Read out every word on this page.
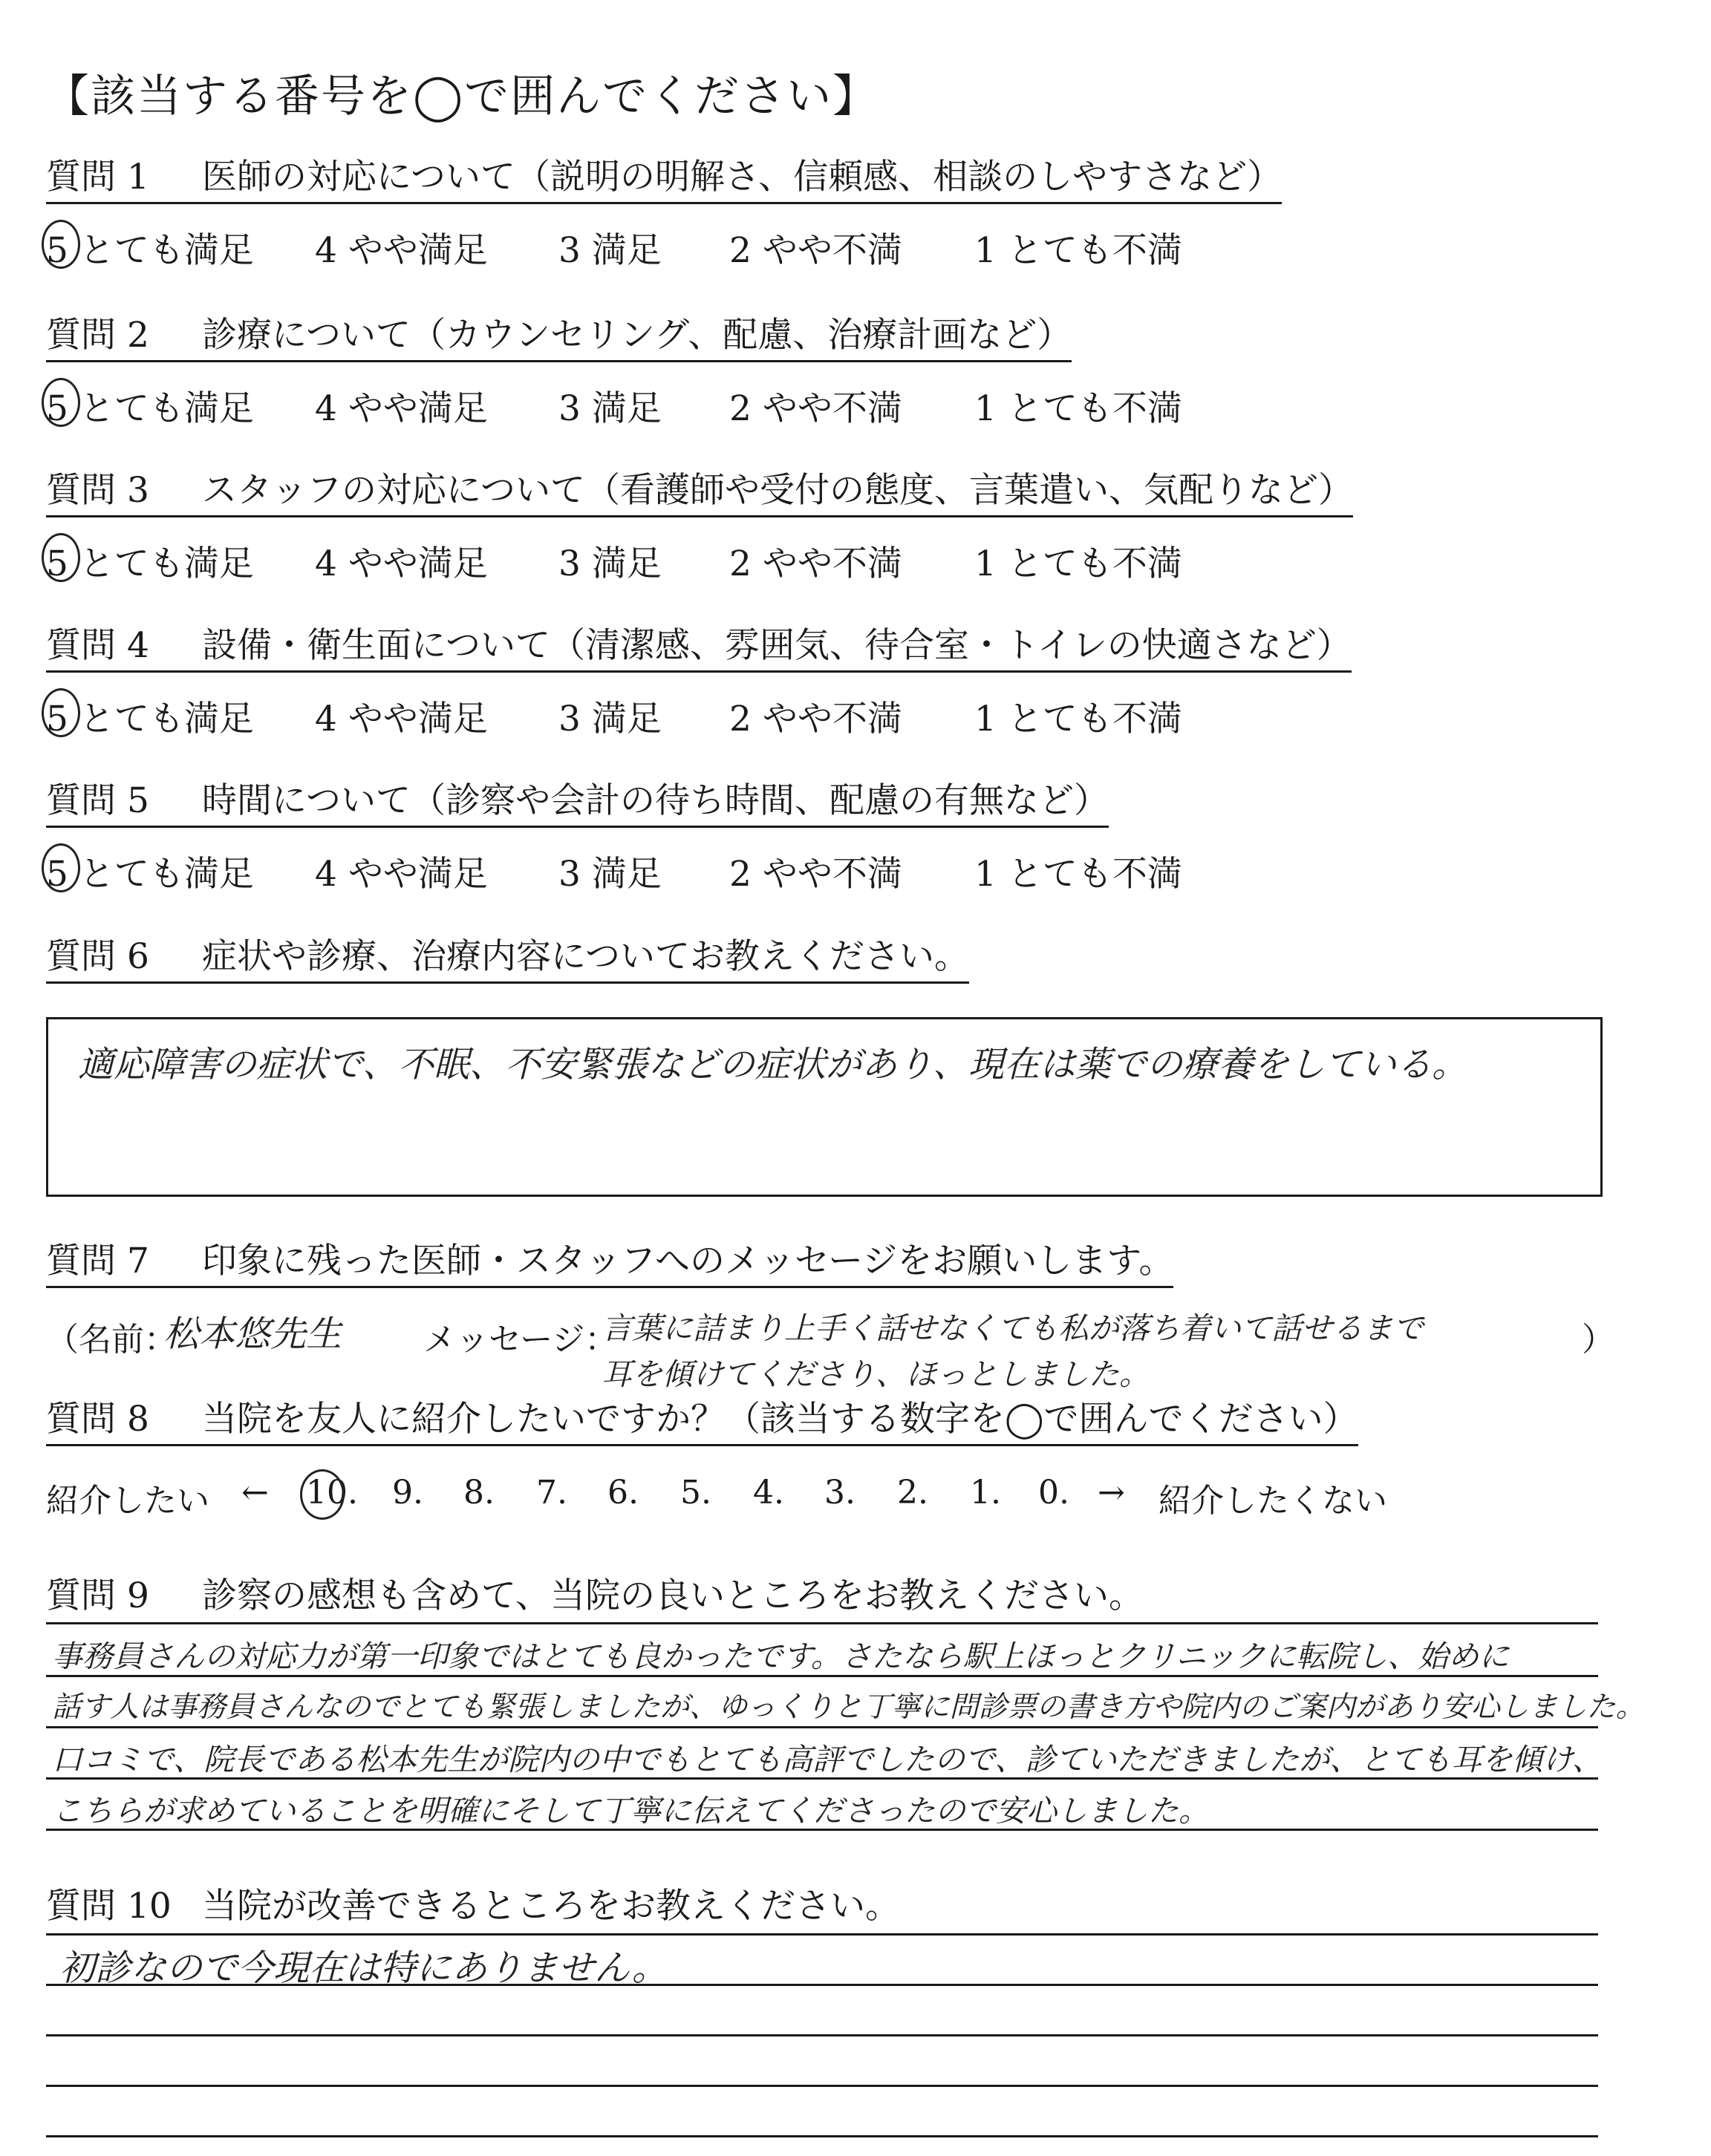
【該当する番号を◯で囲んでください】
質問 1 医師の対応について（説明の明解さ、信頼感、相談のしやすさなど）
5 とても満足 4 やや満足 3 満足 2 やや不満 1 とても不満
質問 2 診療について（カウンセリング、配慮、治療計画など）
5 とても満足 4 やや満足 3 満足 2 やや不満 1 とても不満
質問 3 スタッフの対応について（看護師や受付の態度、言葉遣い、気配りなど）
5 とても満足 4 やや満足 3 満足 2 やや不満 1 とても不満
質問 4 設備・衛生面について（清潔感、雰囲気、待合室・トイレの快適さなど）
5 とても満足 4 やや満足 3 満足 2 やや不満 1 とても不満
質問 5 時間について（診察や会計の待ち時間、配慮の有無など）
5 とても満足 4 やや満足 3 満足 2 やや不満 1 とても不満
質問 6 症状や診療、治療内容についてお教えください。
適応障害の症状で、不眠、不安緊張などの症状があり、現在は薬での療養をしている。
質問 7 印象に残った医師・スタッフへのメッセージをお願いします。
（名前：
松本悠先生 メッセージ：
言葉に詰まり上手く話せなくても私が落ち着いて話せるまで
耳を傾けてくださり、ほっとしました。
）
質問 8 当院を友人に紹介したいですか？（該当する数字を◯で囲んでください）
紹介したい ← 10. 9. 8. 7. 6. 5. 4. 3. 2. 1. 0. → 紹介したくない
質問 9 診察の感想も含めて、当院の良いところをお教えください。
事務員さんの対応力が第一印象ではとても良かったです。さたなら駅上ほっとクリニックに転院し、始めに
話す人は事務員さんなのでとても緊張しましたが、ゆっくりと丁寧に問診票の書き方や院内のご案内があり安心しました。
口コミで、院長である松本先生が院内の中でもとても高評でしたので、診ていただきましたが、とても耳を傾け、
こちらが求めていることを明確にそして丁寧に伝えてくださったので安心しました。
質問 10 当院が改善できるところをお教えください。
初診なので今現在は特にありません。
